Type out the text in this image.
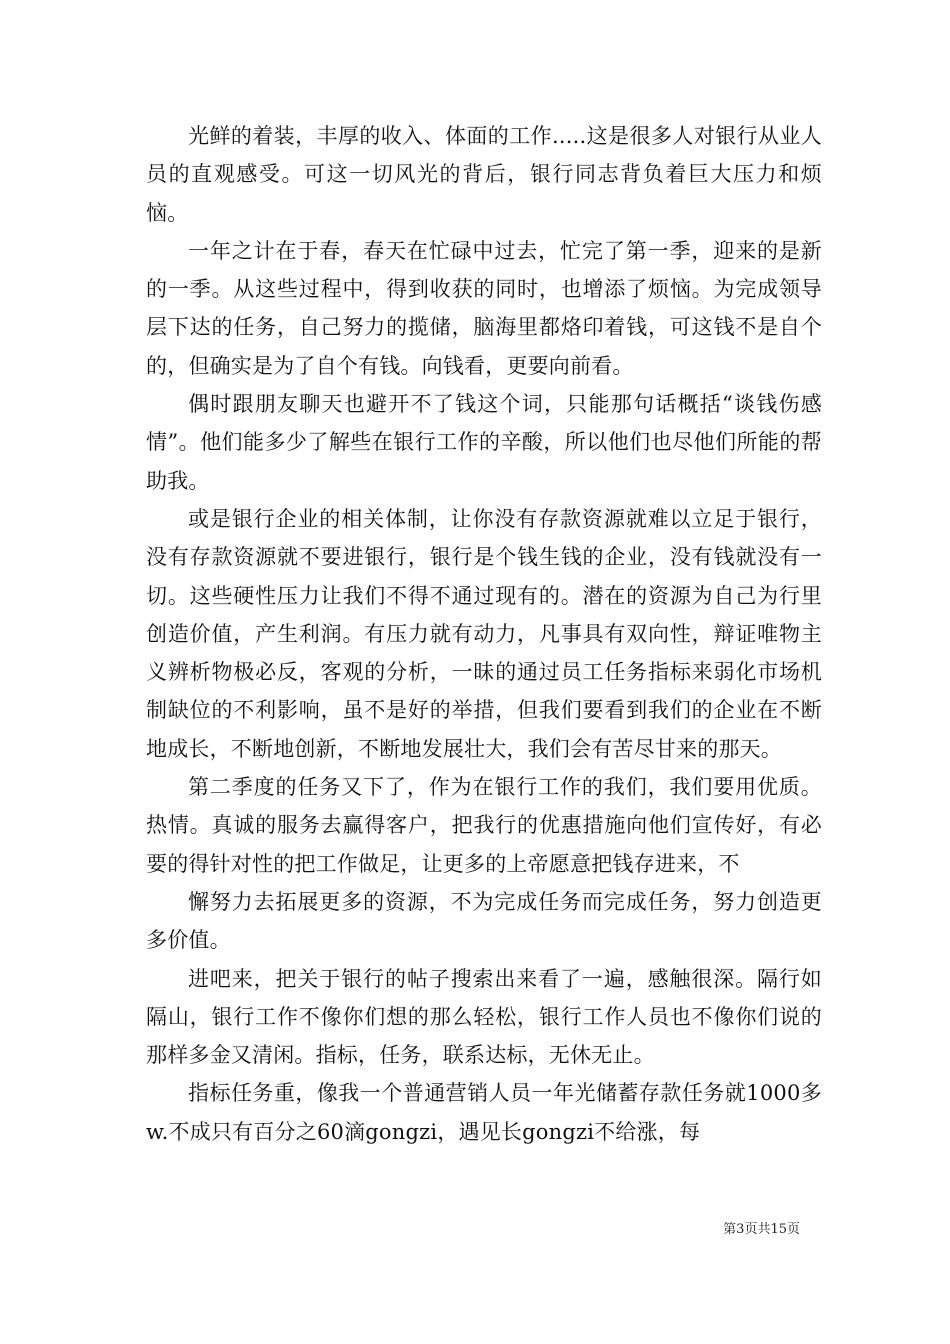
光鲜的着装，丰厚的收入、体面的工作.....这是很多人对银行从业人员的直观感受。可这一切风光的背后，银行同志背负着巨大压力和烦恼。

一年之计在于春，春天在忙碌中过去，忙完了第一季，迎来的是新的一季。从这些过程中，得到收获的同时，也增添了烦恼。为完成领导层下达的任务，自己努力的揽储，脑海里都烙印着钱，可这钱不是自个的，但确实是为了自个有钱。向钱看，更要向前看。

偶时跟朋友聊天也避开不了钱这个词，只能那句话概括“谈钱伤感情”。他们能多少了解些在银行工作的辛酸，所以他们也尽他们所能的帮助我。

或是银行企业的相关体制，让你没有存款资源就难以立足于银行，没有存款资源就不要进银行，银行是个钱生钱的企业，没有钱就没有一切。这些硬性压力让我们不得不通过现有的。潜在的资源为自己为行里创造价值，产生利润。有压力就有动力，凡事具有双向性，辩证唯物主义辨析物极必反，客观的分析，一昧的通过员工任务指标来弱化市场机制缺位的不利影响，虽不是好的举措，但我们要看到我们的企业在不断地成长，不断地创新，不断地发展壮大，我们会有苦尽甘来的那天。

第二季度的任务又下了，作为在银行工作的我们，我们要用优质。热情。真诚的服务去赢得客户，把我行的优惠措施向他们宣传好，有必要的得针对性的把工作做足，让更多的上帝愿意把钱存进来，不

懈努力去拓展更多的资源，不为完成任务而完成任务，努力创造更多价值。

进吧来，把关于银行的帖子搜索出来看了一遍，感触很深。隔行如隔山，银行工作不像你们想的那么轻松，银行工作人员也不像你们说的那样多金又清闲。指标，任务，联系达标，无休无止。

指标任务重，像我一个普通营销人员一年光储蓄存款任务就1000多w.不成只有百分之60滴gongzi，遇见长gongzi不给涨，每

第3页共15页
